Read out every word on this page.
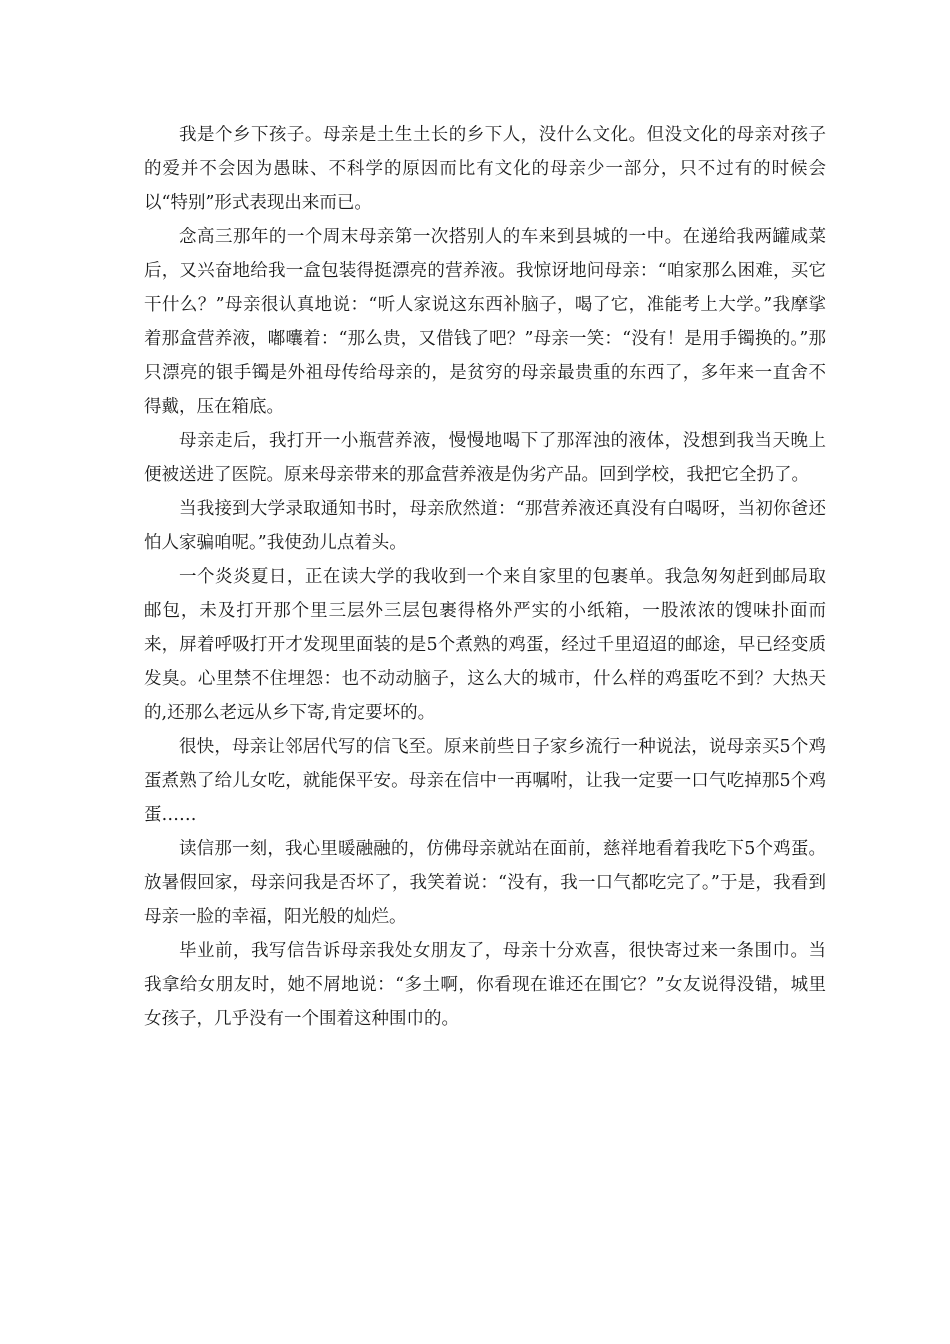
我是个乡下孩子。母亲是土生土长的乡下人，没什么文化。但没文化的母亲对孩子的爱并不会因为愚昧、不科学的原因而比有文化的母亲少一部分，只不过有的时候会以“特别”形式表现出来而已。

念高三那年的一个周末母亲第一次搭别人的车来到县城的一中。在递给我两罐咸菜后，又兴奋地给我一盒包装得挺漂亮的营养液。我惊讶地问母亲：“咱家那么困难，买它干什么？”母亲很认真地说：“听人家说这东西补脑子，喝了它，准能考上大学。”我摩挲着那盒营养液，嘟囔着：“那么贵，又借钱了吧？”母亲一笑：“没有！是用手镯换的。”那只漂亮的银手镯是外祖母传给母亲的，是贫穷的母亲最贵重的东西了，多年来一直舍不得戴，压在箱底。

母亲走后，我打开一小瓶营养液，慢慢地喝下了那浑浊的液体，没想到我当天晚上便被送进了医院。原来母亲带来的那盒营养液是伪劣产品。回到学校，我把它全扔了。

当我接到大学录取通知书时，母亲欣然道：“那营养液还真没有白喝呀，当初你爸还怕人家骗咱呢。”我使劲儿点着头。

一个炎炎夏日，正在读大学的我收到一个来自家里的包裹单。我急匆匆赶到邮局取邮包，未及打开那个里三层外三层包裹得格外严实的小纸箱，一股浓浓的馊味扑面而来，屏着呼吸打开才发现里面装的是5个煮熟的鸡蛋，经过千里迢迢的邮途，早已经变质发臭。心里禁不住埋怨：也不动动脑子，这么大的城市，什么样的鸡蛋吃不到？大热天的,还那么老远从乡下寄,肯定要坏的。

很快，母亲让邻居代写的信飞至。原来前些日子家乡流行一种说法，说母亲买5个鸡蛋煮熟了给儿女吃，就能保平安。母亲在信中一再嘱咐，让我一定要一口气吃掉那5个鸡蛋……

读信那一刻，我心里暖融融的，仿佛母亲就站在面前，慈祥地看着我吃下5个鸡蛋。放暑假回家，母亲问我是否坏了，我笑着说：“没有，我一口气都吃完了。”于是，我看到母亲一脸的幸福，阳光般的灿烂。

毕业前，我写信告诉母亲我处女朋友了，母亲十分欢喜，很快寄过来一条围巾。当我拿给女朋友时，她不屑地说：“多土啊，你看现在谁还在围它？”女友说得没错，城里女孩子，几乎没有一个围着这种围巾的。
